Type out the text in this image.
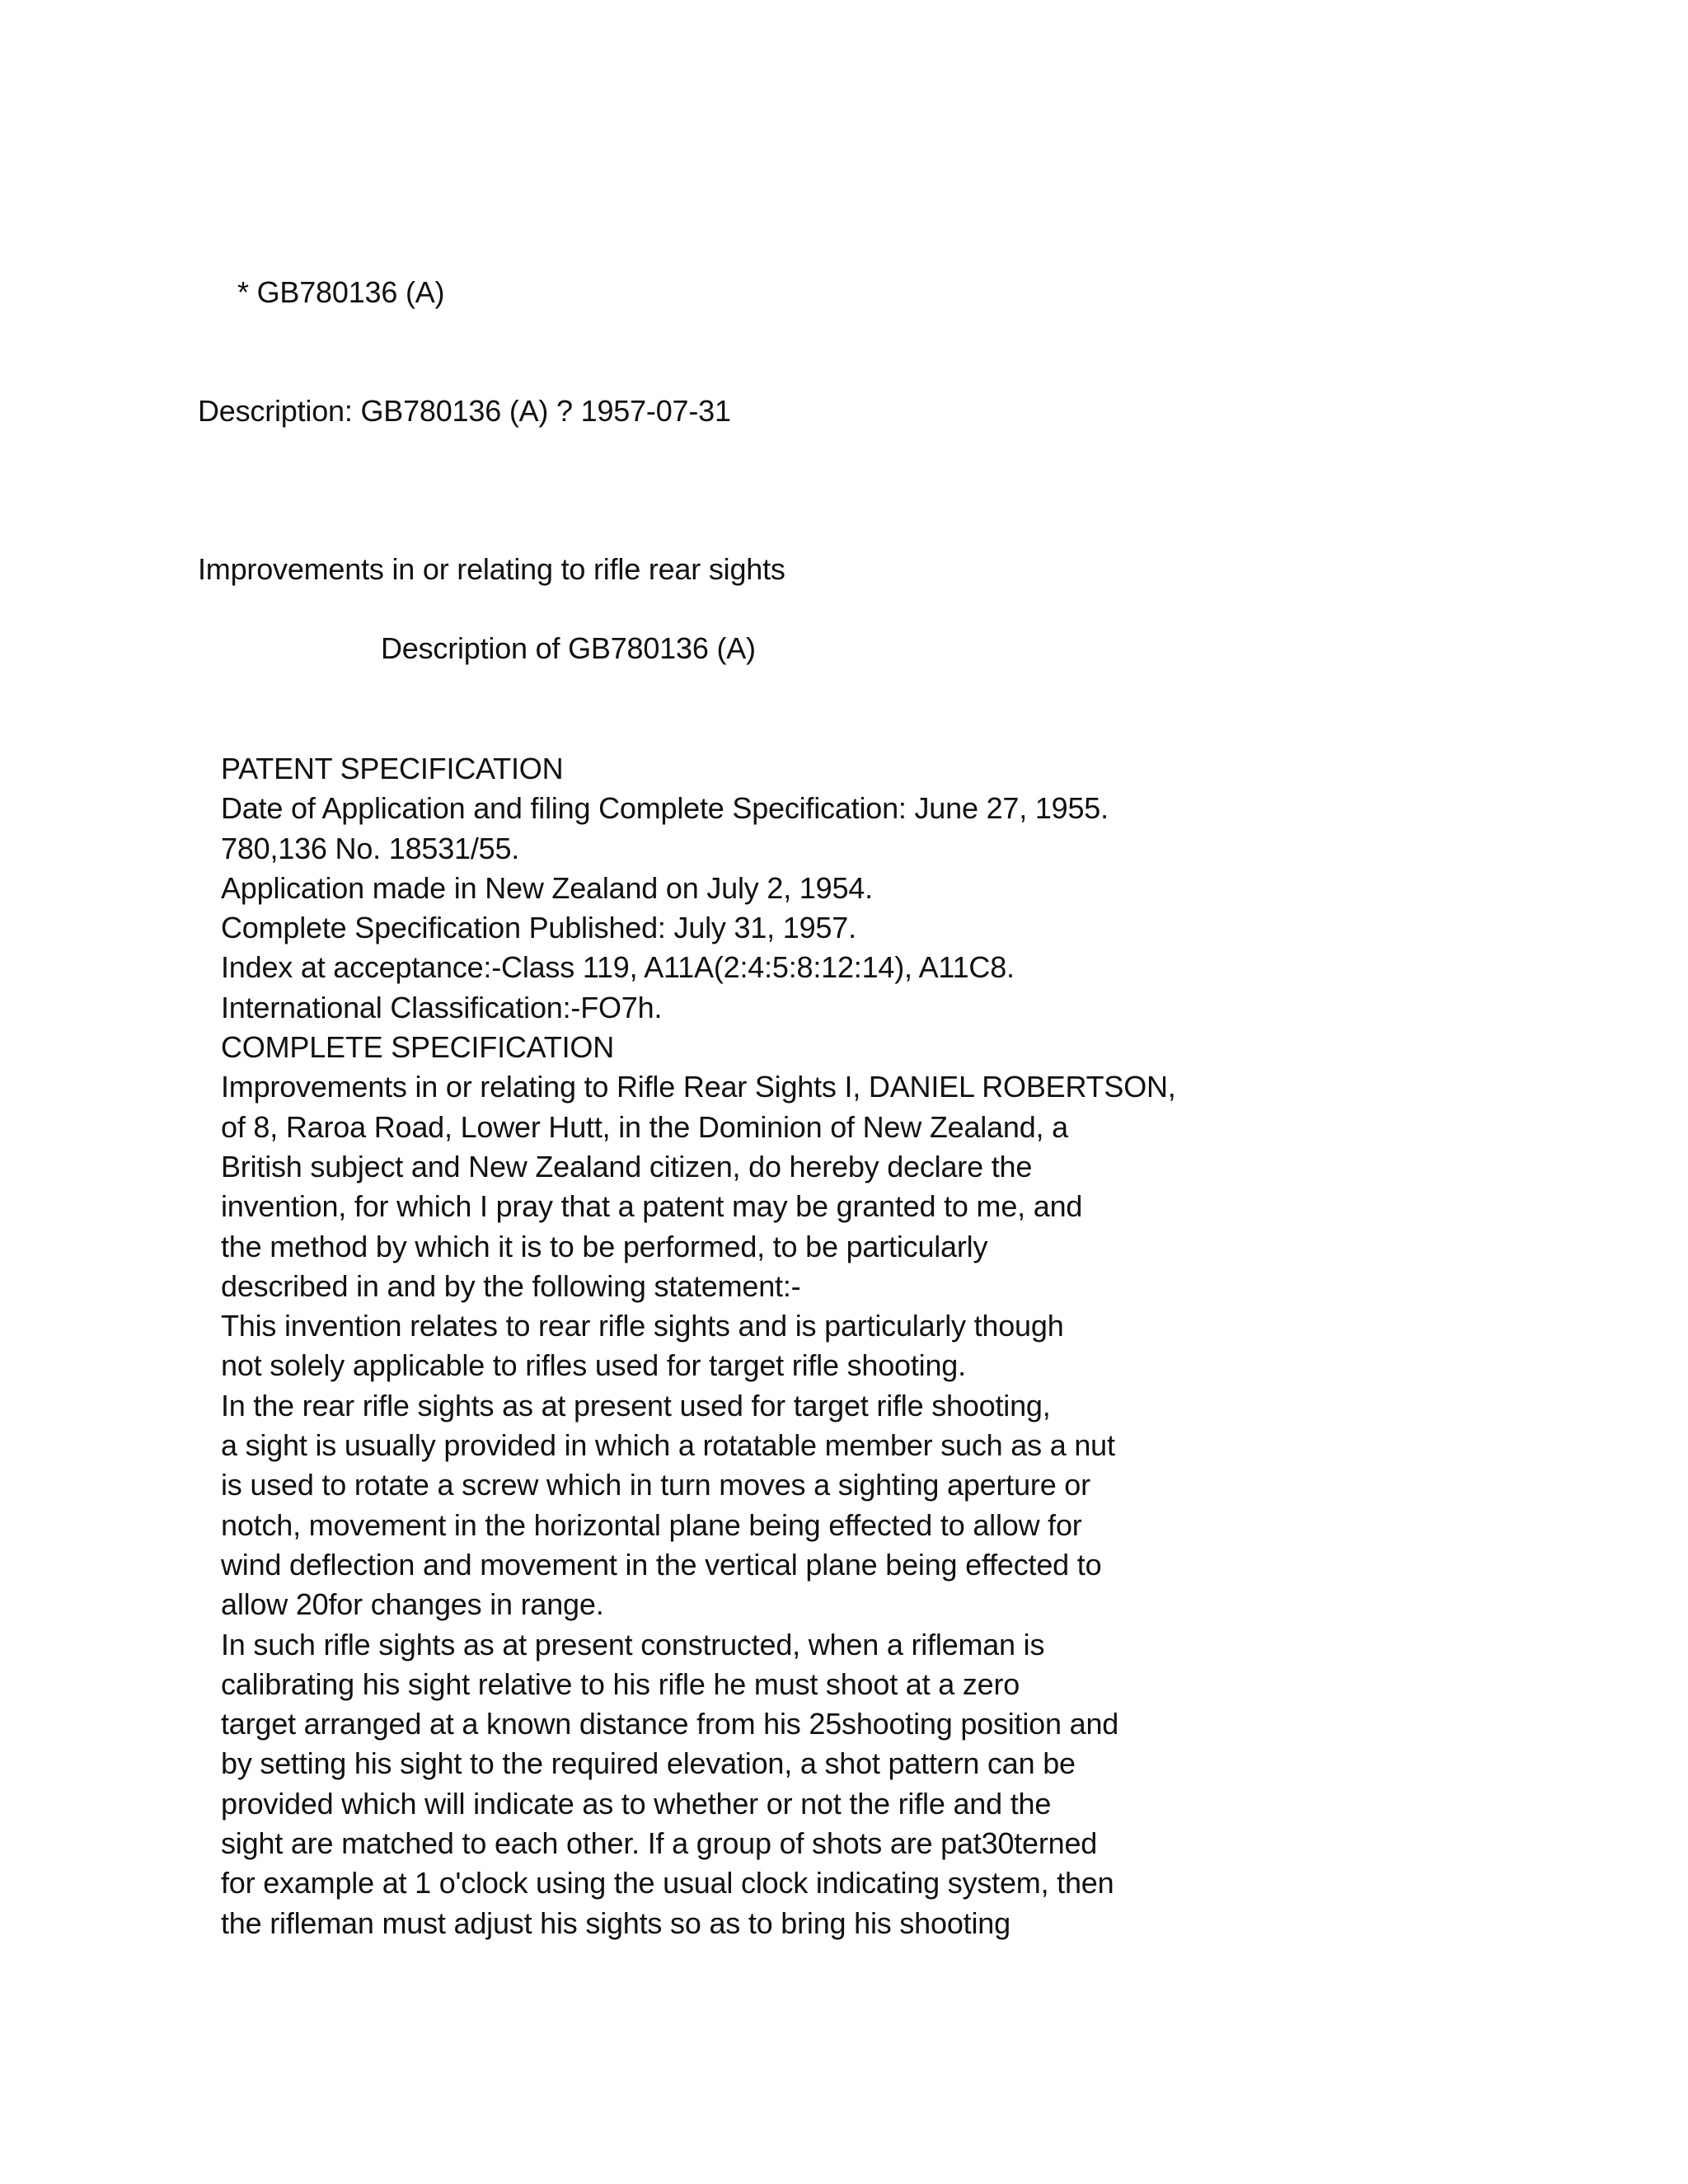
* GB780136 (A)
Description: GB780136 (A) ? 1957-07-31
Improvements in or relating to rifle rear sights
Description of GB780136 (A)
PATENT SPECIFICATION
Date of Application and filing Complete Specification: June 27, 1955.
780,136 No. 18531/55.
Application made in New Zealand on July 2, 1954.
Complete Specification Published: July 31, 1957.
Index at acceptance:-Class 119, A11A(2:4:5:8:12:14), A11C8.
International Classification:-FO7h.
COMPLETE SPECIFICATION
Improvements in or relating to Rifle Rear Sights I, DANIEL ROBERTSON,
of 8, Raroa Road, Lower Hutt, in the Dominion of New Zealand, a
British subject and New Zealand citizen, do hereby declare the
invention, for which I pray that a patent may be granted to me, and
the method by which it is to be performed, to be particularly
described in and by the following statement:-
This invention relates to rear rifle sights and is particularly though
not solely applicable to rifles used for target rifle shooting.
In the rear rifle sights as at present used for target rifle shooting,
a sight is usually provided in which a rotatable member such as a nut
is used to rotate a screw which in turn moves a sighting aperture or
notch, movement in the horizontal plane being effected to allow for
wind deflection and movement in the vertical plane being effected to
allow 20for changes in range.
In such rifle sights as at present constructed, when a rifleman is
calibrating his sight relative to his rifle he must shoot at a zero
target arranged at a known distance from his 25shooting position and
by setting his sight to the required elevation, a shot pattern can be
provided which will indicate as to whether or not the rifle and the
sight are matched to each other. If a group of shots are pat30terned
for example at 1 o'clock using the usual clock indicating system, then
the rifleman must adjust his sights so as to bring his shooting
